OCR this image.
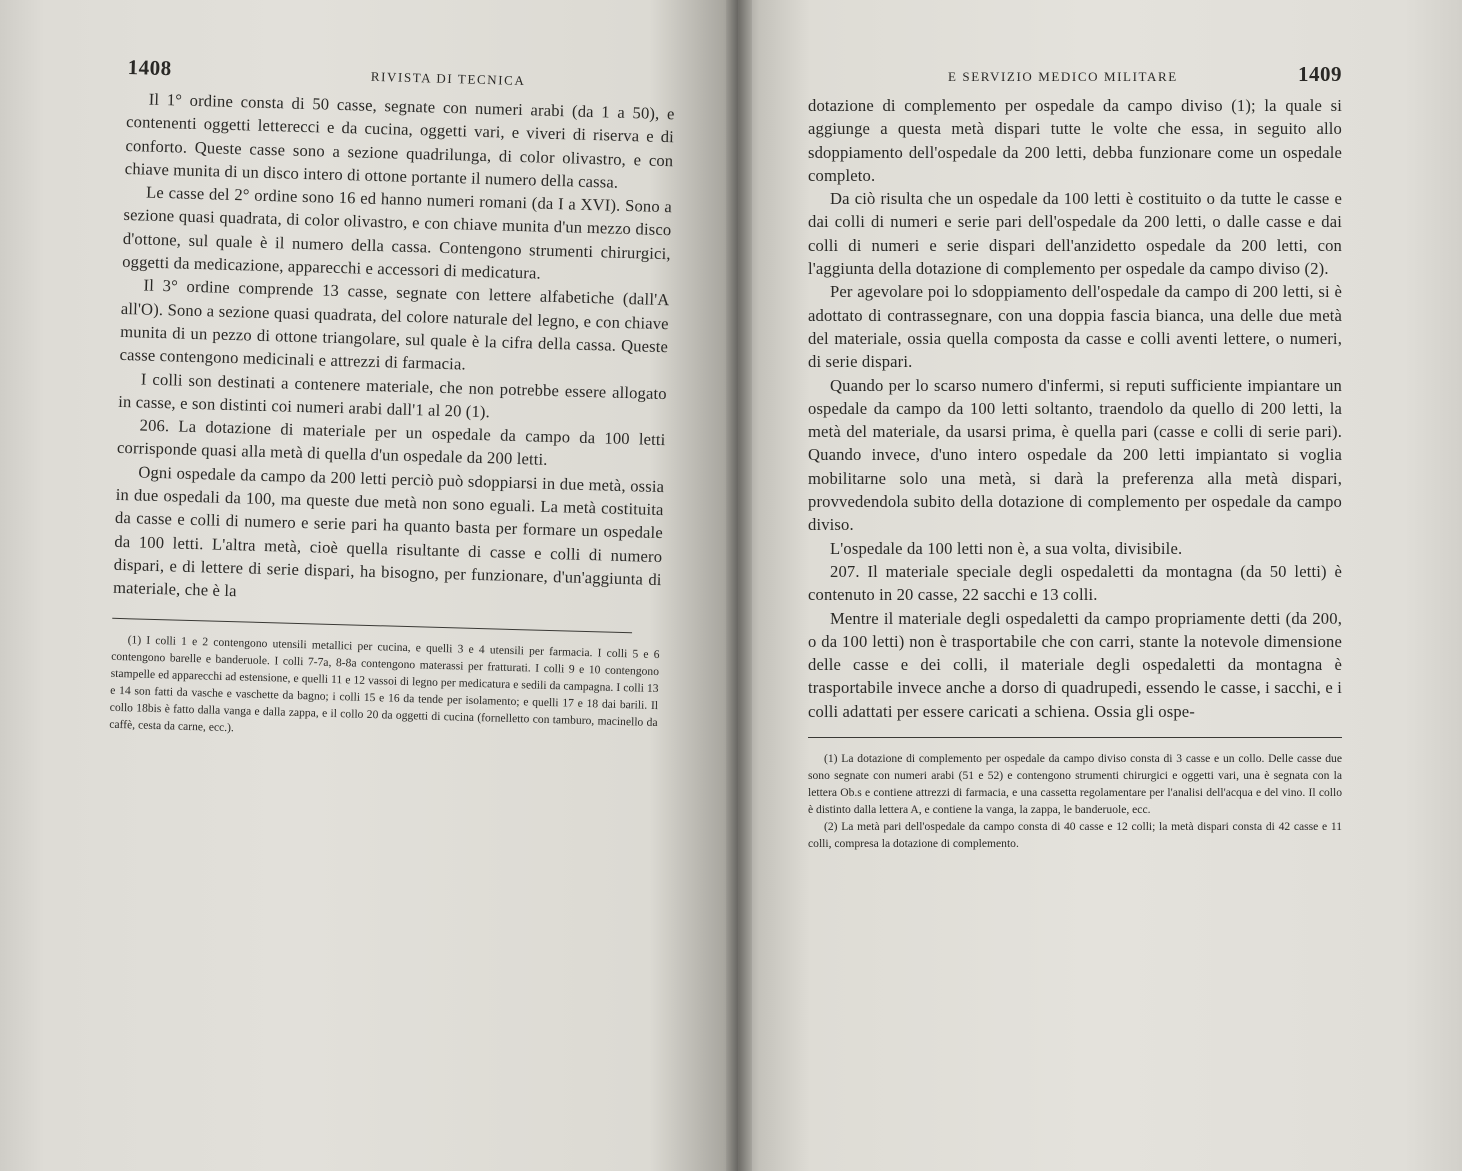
1408	RIVISTA DI TECNICA

Il 1° ordine consta di 50 casse, segnate con numeri arabi (da 1 a 50), e contenenti oggetti letterecci e da cucina, oggetti vari, e viveri di riserva e di conforto. Queste casse sono a sezione quadrilunga, di color olivastro, e con chiave munita di un disco intero di ottone portante il numero della cassa.

Le casse del 2° ordine sono 16 ed hanno numeri romani (da I a XVI). Sono a sezione quasi quadrata, di color olivastro, e con chiave munita d'un mezzo disco d'ottone, sul quale è il numero della cassa. Contengono strumenti chirurgici, oggetti da medicazione, apparecchi e accessori di medicatura.

Il 3° ordine comprende 13 casse, segnate con lettere alfabetiche (dall'A all'O). Sono a sezione quasi quadrata, del colore naturale del legno, e con chiave munita di un pezzo di ottone triangolare, sul quale è la cifra della cassa. Queste casse contengono medicinali e attrezzi di farmacia.

I colli son destinati a contenere materiale, che non potrebbe essere allogato in casse, e son distinti coi numeri arabi dall'1 al 20 (1).

206. La dotazione di materiale per un ospedale da campo da 100 letti corrisponde quasi alla metà di quella d'un ospedale da 200 letti.

Ogni ospedale da campo da 200 letti perciò può sdoppiarsi in due metà, ossia in due ospedali da 100, ma queste due metà non sono eguali. La metà costituita da casse e colli di numero e serie pari ha quanto basta per formare un ospedale da 100 letti. L'altra metà, cioè quella risultante di casse e colli di numero dispari, e di lettere di serie dispari, ha bisogno, per funzionare, d'un'aggiunta di materiale, che è la

(1) I colli 1 e 2 contengono utensili metallici per cucina, e quelli 3 e 4 utensili per farmacia. I colli 5 e 6 contengono barelle e banderuole. I colli 7-7a, 8-8a contengono materassi per fratturati. I colli 9 e 10 contengono stampelle ed apparecchi ad estensione, e quelli 11 e 12 vassoi di legno per medicatura e sedili da campagna. I colli 13 e 14 son fatti da vasche e vaschette da bagno; i colli 15 e 16 da tende per isolamento; e quelli 17 e 18 dai barili. Il collo 18bis è fatto dalla vanga e dalla zappa, e il collo 20 da oggetti di cucina (fornelletto con tamburo, macinello da caffè, cesta da carne, ecc.).

E SERVIZIO MEDICO MILITARE	1409

dotazione di complemento per ospedale da campo diviso (1); la quale si aggiunge a questa metà dispari tutte le volte che essa, in seguito allo sdoppiamento dell'ospedale da 200 letti, debba funzionare come un ospedale completo.

Da ciò risulta che un ospedale da 100 letti è costituito o da tutte le casse e dai colli di numeri e serie pari dell'ospedale da 200 letti, o dalle casse e dai colli di numeri e serie dispari dell'anzidetto ospedale da 200 letti, con l'aggiunta della dotazione di complemento per ospedale da campo diviso (2).

Per agevolare poi lo sdoppiamento dell'ospedale da campo di 200 letti, si è adottato di contrassegnare, con una doppia fascia bianca, una delle due metà del materiale, ossia quella composta da casse e colli aventi lettere, o numeri, di serie dispari.

Quando per lo scarso numero d'infermi, si reputi sufficiente impiantare un ospedale da campo da 100 letti soltanto, traendolo da quello di 200 letti, la metà del materiale, da usarsi prima, è quella pari (casse e colli di serie pari). Quando invece, d'uno intero ospedale da 200 letti impiantato si voglia mobilitarne solo una metà, si darà la preferenza alla metà dispari, provvedendola subito della dotazione di complemento per ospedale da campo diviso.

L'ospedale da 100 letti non è, a sua volta, divisibile.

207. Il materiale speciale degli ospedaletti da montagna (da 50 letti) è contenuto in 20 casse, 22 sacchi e 13 colli.

Mentre il materiale degli ospedaletti da campo propriamente detti (da 200, o da 100 letti) non è trasportabile che con carri, stante la notevole dimensione delle casse e dei colli, il materiale degli ospedaletti da montagna è trasportabile invece anche a dorso di quadrupedi, essendo le casse, i sacchi, e i colli adattati per essere caricati a schiena. Ossia gli ospe-

(1) La dotazione di complemento per ospedale da campo diviso consta di 3 casse e un collo. Delle casse due sono segnate con numeri arabi (51 e 52) e contengono strumenti chirurgici e oggetti vari, una è segnata con la lettera Ob.s e contiene attrezzi di farmacia, e una cassetta regolamentare per l'analisi dell'acqua e del vino. Il collo è distinto dalla lettera A, e contiene la vanga, la zappa, le banderuole, ecc.

(2) La metà pari dell'ospedale da campo consta di 40 casse e 12 colli; la metà dispari consta di 42 casse e 11 colli, compresa la dotazione di complemento.
